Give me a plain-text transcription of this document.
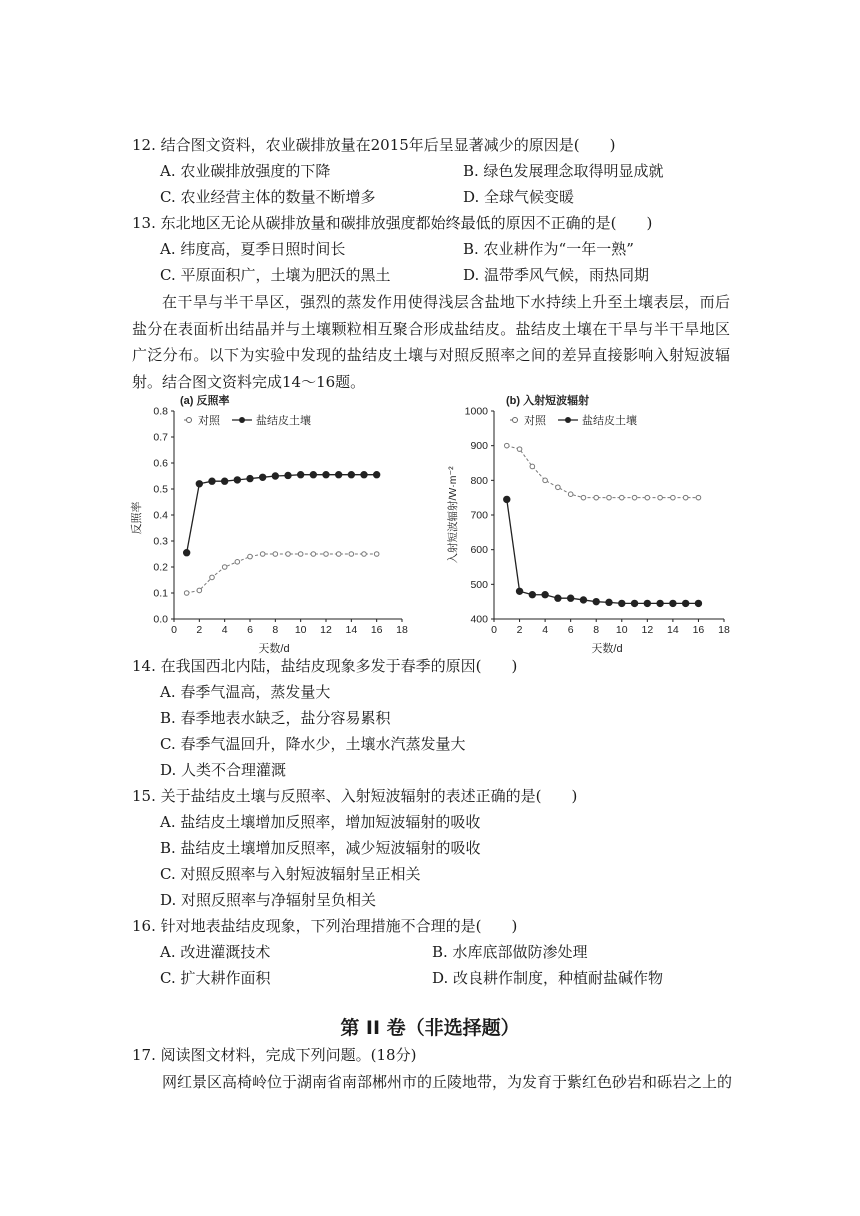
12. 结合图文资料，农业碳排放量在2015年后呈显著减少的原因是(　　)
A. 农业碳排放强度的下降	B. 绿色发展理念取得明显成就
C. 农业经营主体的数量不断增多	D. 全球气候变暖
13. 东北地区无论从碳排放量和碳排放强度都始终最低的原因不正确的是(　　)
A. 纬度高，夏季日照时间长	B. 农业耕作为“一年一熟”
C. 平原面积广，土壤为肥沃的黑土	D. 温带季风气候，雨热同期
在干旱与半干旱区，强烈的蒸发作用使得浅层含盐地下水持续上升至土壤表层，而后盐分在表面析出结晶并与土壤颗粒相互聚合形成盐结皮。盐结皮土壤在干旱与半干旱地区广泛分布。以下为实验中发现的盐结皮土壤与对照反照率之间的差异直接影响入射短波辐射。结合图文资料完成14～16题。
(a) 反照率
对照	盐结皮土壤
反照率
天数/d
0 2 4 6 8 10 12 14 16 18
0.0
0.1
0.2
0.3
0.4
0.5
0.6
0.7
0.8
(b) 入射短波辐射
对照	盐结皮土壤
入射短波辐射/W·m⁻²
天数/d
0 2 4 6 8 10 12 14 16 18
400
500
600
700
800
900
1000
14. 在我国西北内陆，盐结皮现象多发于春季的原因(　　)
A. 春季气温高，蒸发量大
B. 春季地表水缺乏，盐分容易累积
C. 春季气温回升，降水少，土壤水汽蒸发量大
D. 人类不合理灌溉
15. 关于盐结皮土壤与反照率、入射短波辐射的表述正确的是(　　)
A. 盐结皮土壤增加反照率，增加短波辐射的吸收
B. 盐结皮土壤增加反照率，减少短波辐射的吸收
C. 对照反照率与入射短波辐射呈正相关
D. 对照反照率与净辐射呈负相关
16. 针对地表盐结皮现象，下列治理措施不合理的是(　　)
A. 改进灌溉技术	B. 水库底部做防渗处理
C. 扩大耕作面积	D. 改良耕作制度，种植耐盐碱作物
第 II 卷（非选择题）
17. 阅读图文材料，完成下列问题。(18分)
网红景区高椅岭位于湖南省南部郴州市的丘陵地带，为发育于紫红色砂岩和砾岩之上的
